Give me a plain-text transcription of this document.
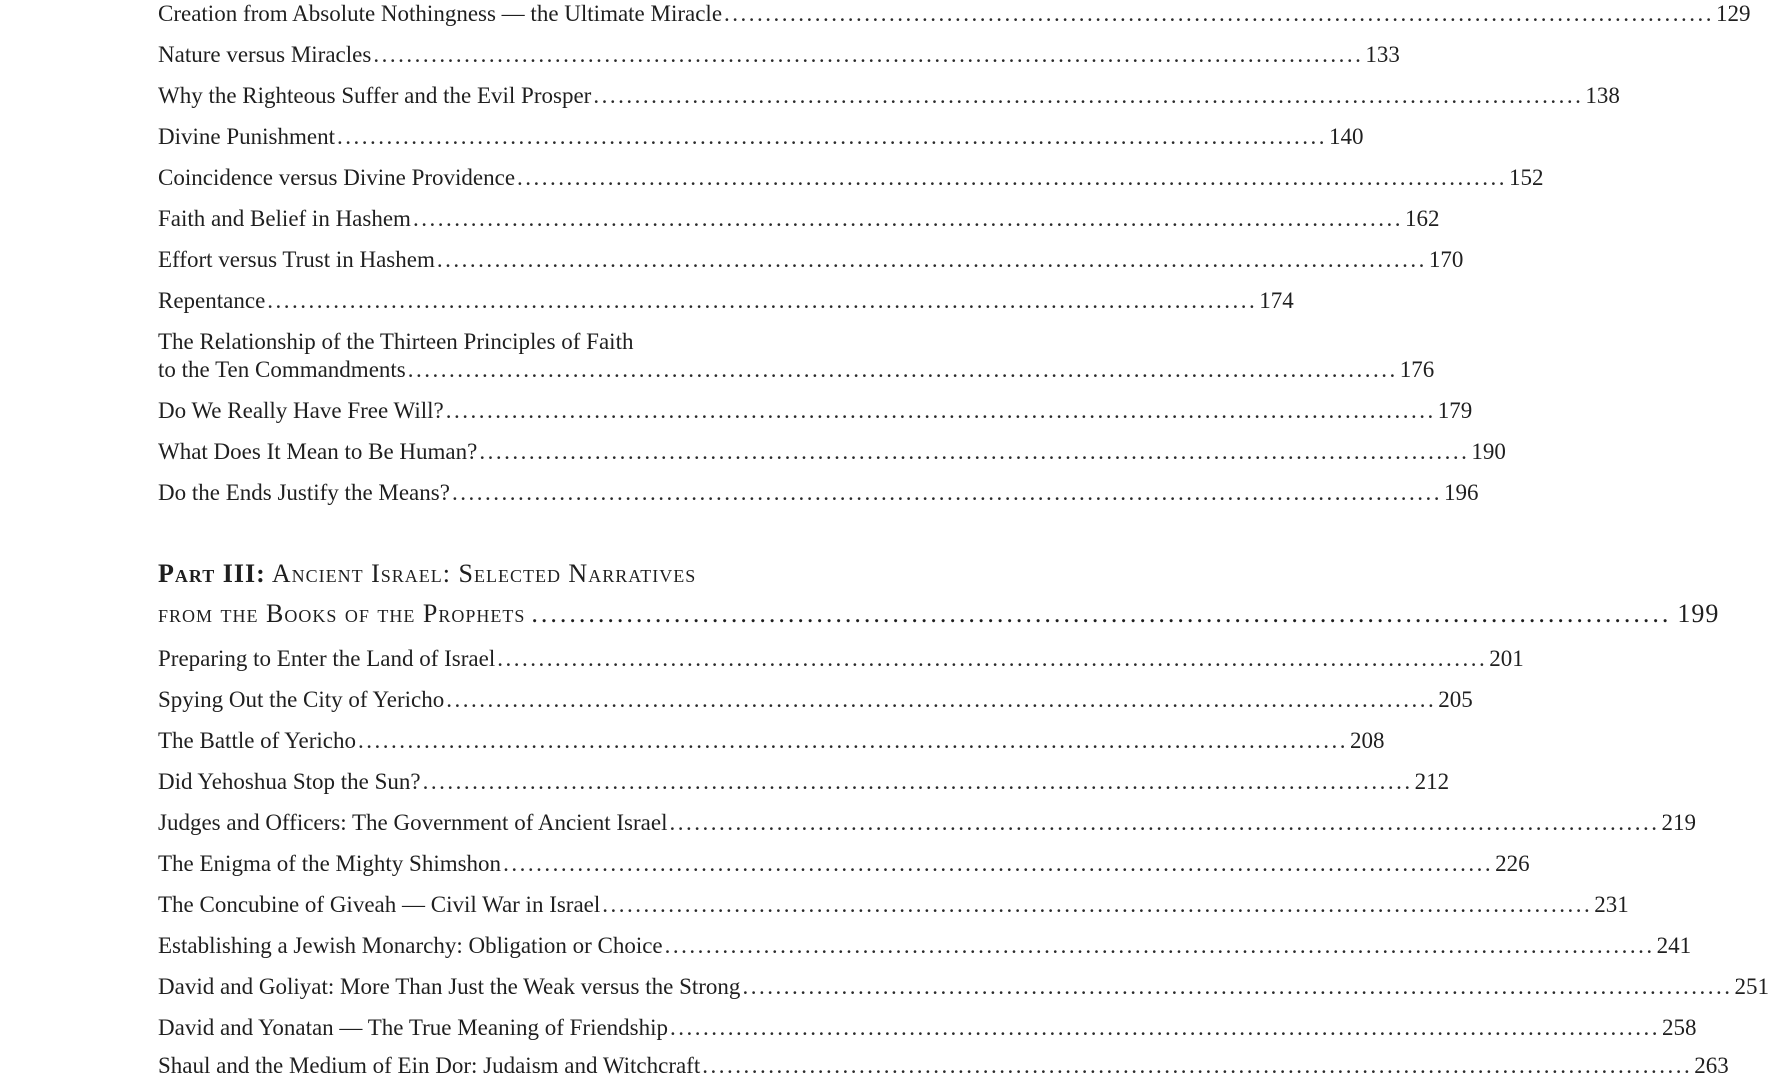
Creation from Absolute Nothingness — the Ultimate Miracle ........................................................................................................................ 129
Nature versus Miracles ........................................................................................................................ 133
Why the Righteous Suffer and the Evil Prosper ........................................................................................................................ 138
Divine Punishment ........................................................................................................................ 140
Coincidence versus Divine Providence ........................................................................................................................ 152
Faith and Belief in Hashem ........................................................................................................................ 162
Effort versus Trust in Hashem ........................................................................................................................ 170
Repentance ........................................................................................................................ 174
The Relationship of the Thirteen Principles of Faith
to the Ten Commandments ........................................................................................................................ 176
Do We Really Have Free Will? ........................................................................................................................ 179
What Does It Mean to Be Human? ........................................................................................................................ 190
Do the Ends Justify the Means? ........................................................................................................................ 196
Part III: Ancient Israel: Selected Narratives
from the Books of the Prophets ........................................................................................................................ 199
Preparing to Enter the Land of Israel ........................................................................................................................ 201
Spying Out the City of Yericho ........................................................................................................................ 205
The Battle of Yericho ........................................................................................................................ 208
Did Yehoshua Stop the Sun? ........................................................................................................................ 212
Judges and Officers: The Government of Ancient Israel ........................................................................................................................ 219
The Enigma of the Mighty Shimshon ........................................................................................................................ 226
The Concubine of Giveah — Civil War in Israel ........................................................................................................................ 231
Establishing a Jewish Monarchy: Obligation or Choice ........................................................................................................................ 241
David and Goliyat: More Than Just the Weak versus the Strong ........................................................................................................................ 251
David and Yonatan — The True Meaning of Friendship ........................................................................................................................ 258
Shaul and the Medium of Ein Dor: Judaism and Witchcraft ........................................................................................................................ 263
